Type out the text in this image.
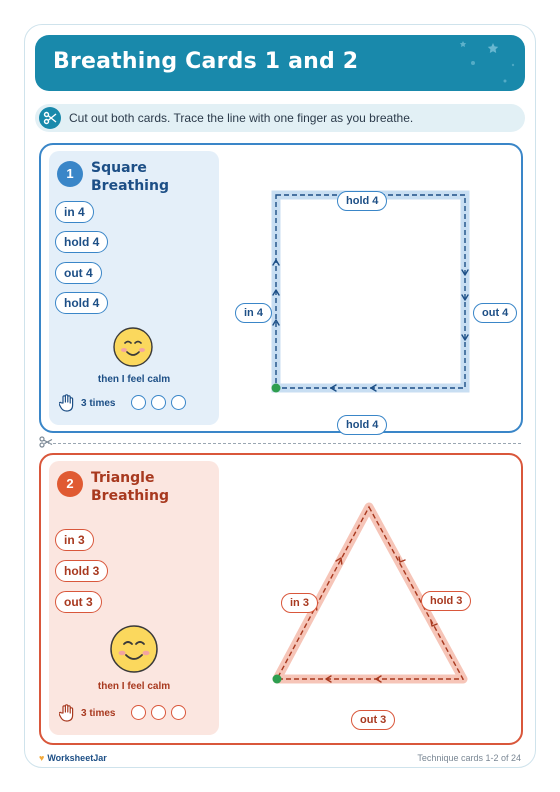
Breathing Cards 1 and 2
Cut out both cards. Trace the line with one finger as you breathe.
1	Square Breathing
in 4
hold 4
out 4
hold 4
then I feel calm
3 times
hold 4
out 4
hold 4
in 4
2	Triangle Breathing
in 3
hold 3
out 3
then I feel calm
3 times
in 3	hold 3
out 3
♥ WorksheetJar	Technique cards 1-2 of 24
